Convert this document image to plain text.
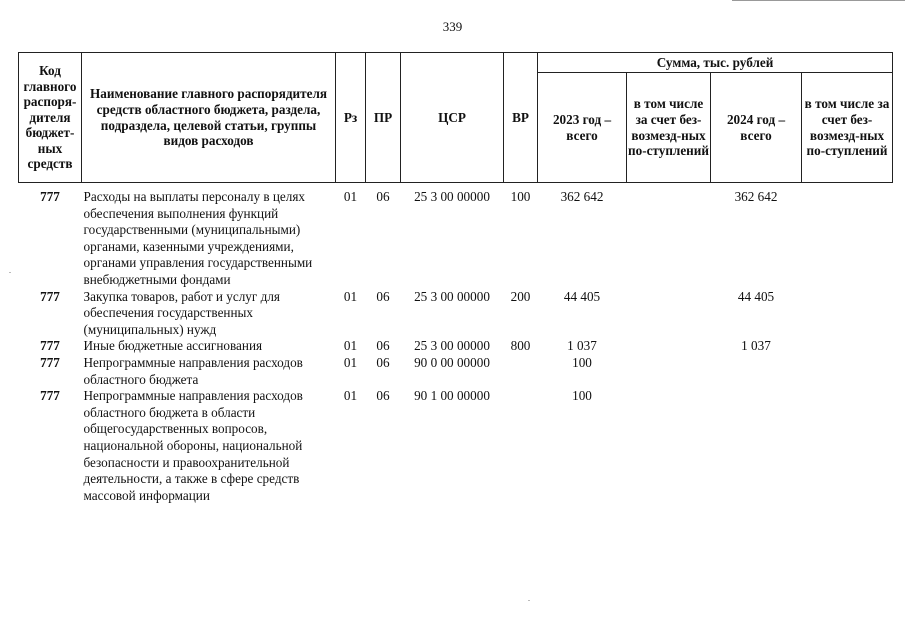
339
Код главного распоря-дителя бюджет-ных средств	Наименование главного распорядителя средств областного бюджета, раздела, подраздела, целевой статьи, группы видов расходов	Рз	ПР	ЦСР	ВР	Сумма, тыс. рублей			
						2023 год – всего	в том числе за счет без-возмезд-ных по-ступлений	2024 год – всего	в том числе за счет без-возмезд-ных по-ступлений

777	Расходы на выплаты персоналу в целях обеспечения выполнения функций государственными (муниципальными) органами, казенными учреждениями, органами управления государственными внебюджетными фондами	01	06	25 3 00 00000	100	362 642		362 642	
777	Закупка товаров, работ и услуг для обеспечения государственных (муниципальных) нужд	01	06	25 3 00 00000	200	44 405		44 405	
777	Иные бюджетные ассигнования	01	06	25 3 00 00000	800	1 037		1 037	
777	Непрограммные направления расходов областного бюджета	01	06	90 0 00 00000		100			
777	Непрограммные направления расходов областного бюджета в области общегосударственных вопросов, национальной обороны, национальной безопасности и правоохранительной деятельности, а также в сфере средств массовой информации	01	06	90 1 00 00000		100			
